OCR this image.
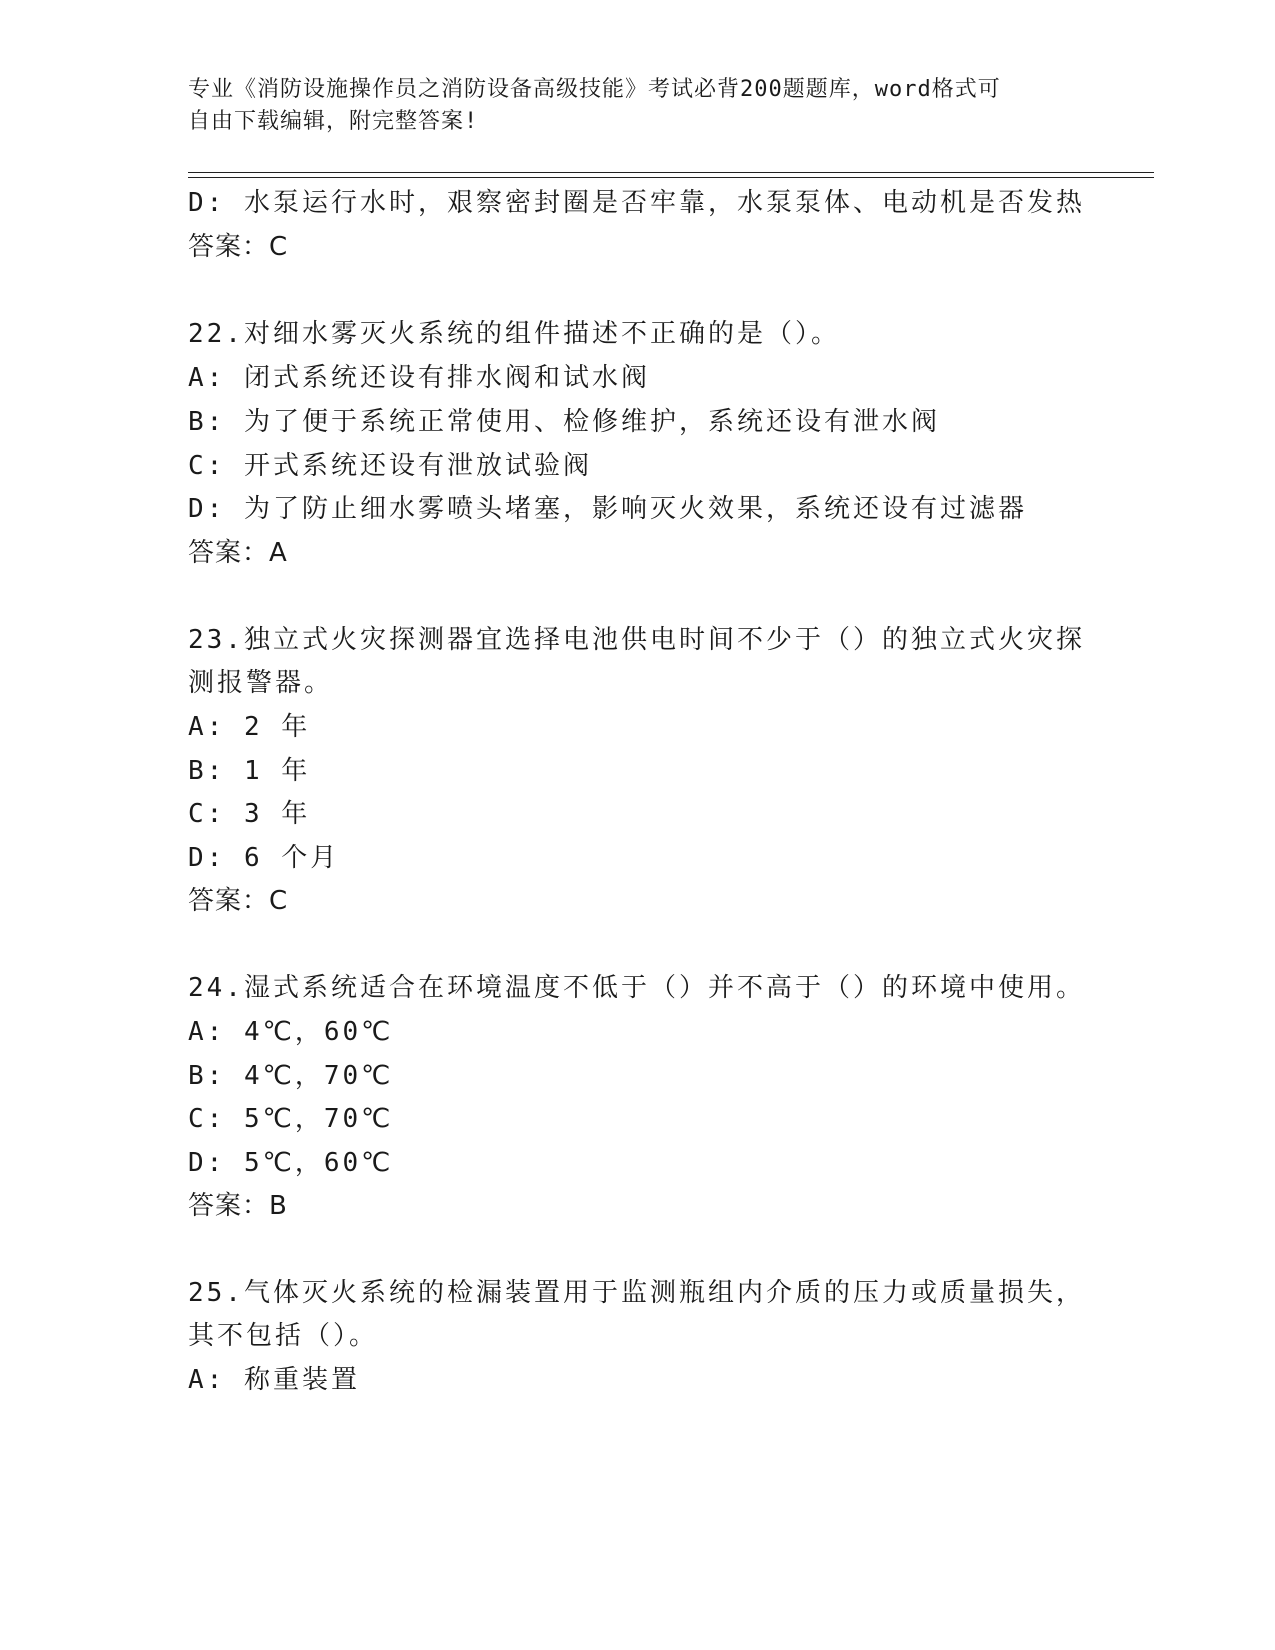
专业《消防设施操作员之消防设备高级技能》考试必背200题题库，word格式可
自由下载编辑，附完整答案!
D: 水泵运行水时，艰察密封圈是否牢靠，水泵泵体、电动机是否发热
答案：C
22.对细水雾灭火系统的组件描述不正确的是（）。
A: 闭式系统还设有排水阀和试水阀
B: 为了便于系统正常使用、检修维护，系统还设有泄水阀
C: 开式系统还设有泄放试验阀
D: 为了防止细水雾喷头堵塞，影响灭火效果，系统还设有过滤器
答案：A
23.独立式火灾探测器宜选择电池供电时间不少于（）的独立式火灾探
测报警器。
A: 2 年
B: 1 年
C: 3 年
D: 6 个月
答案：C
24.湿式系统适合在环境温度不低于（）并不高于（）的环境中使用。
A: 4℃，60℃
B: 4℃，70℃
C: 5℃，70℃
D: 5℃，60℃
答案：B
25.气体灭火系统的检漏装置用于监测瓶组内介质的压力或质量损失，
其不包括（）。
A: 称重装置
